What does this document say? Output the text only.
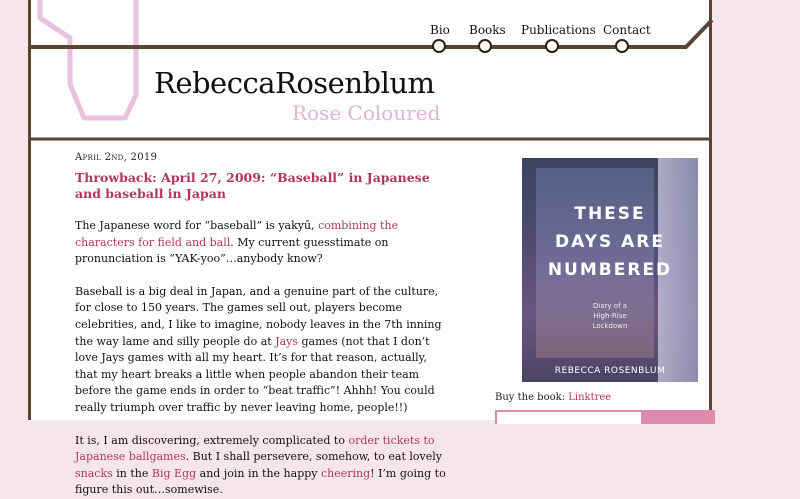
Bio Books Publications Contact
RebeccaRosenblum
Rose Coloured
April 2nd, 2019
Throwback: April 27, 2009: “Baseball” in Japanese and baseball in Japan

The Japanese word for “baseball” is yakyū, combining the characters for field and ball. My current guesstimate on pronunciation is “YAK-yoo”…anybody know?

Baseball is a big deal in Japan, and a genuine part of the culture, for close to 150 years. The games sell out, players become celebrities, and, I like to imagine, nobody leaves in the 7th inning the way lame and silly people do at Jays games (not that I don’t love Jays games with all my heart. It’s for that reason, actually, that my heart breaks a little when people abandon their team before the game ends in order to “beat traffic”! Ahhh! You could really triumph over traffic by never leaving home, people!!)

It is, I am discovering, extremely complicated to order tickets to Japanese ballgames. But I shall persevere, somehow, to eat lovely snacks in the Big Egg and join in the happy cheering! I’m going to figure this out…somewise.

THESE
DAYS ARE
NUMBERED
Diary of a
High-Rise
Lockdown
REBECCA ROSENBLUM
Buy the book: Linktree
